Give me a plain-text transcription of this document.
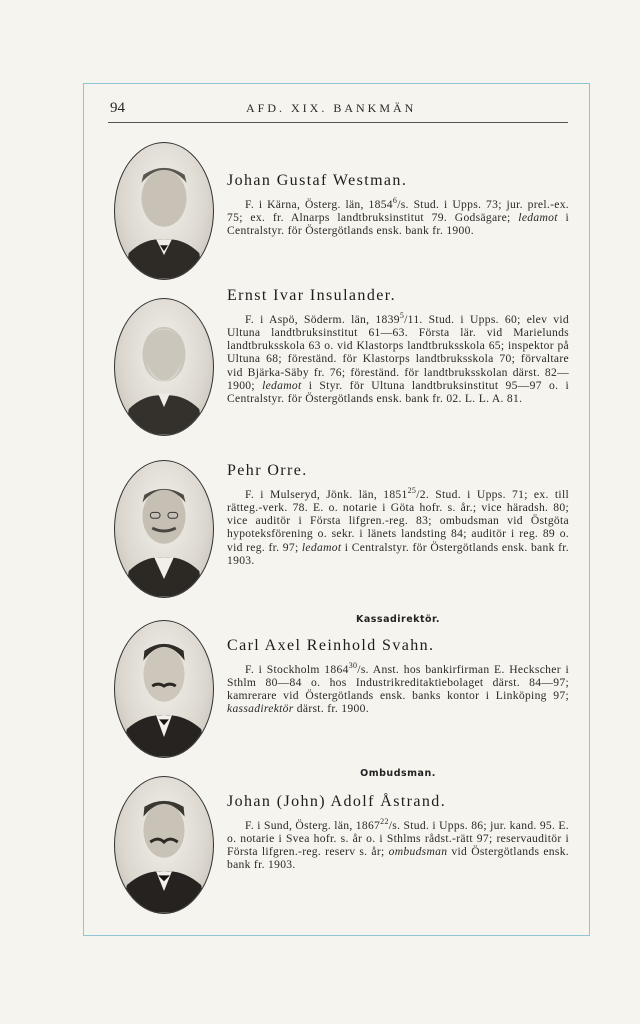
94	AFD. XIX. BANKMÄN
Johan Gustaf Westman.
F. i Kärna, Österg. län, 1854$^6$/s. Stud. i Upps. 73; jur. prel.-ex. 75; ex. fr. Alnarps landtbruksinstitut 79. Godsägare; ledamot i Centralstyr. för Östergötlands ensk. bank fr. 1900.
Ernst Ivar Insulander.
F. i Aspö, Söderm. län, 1839$^5$/11. Stud. i Upps. 60; elev vid Ultuna landtbruksinstitut 61—63. Första lär. vid Marielunds landtbruksskola 63 o. vid Klastorps landtbruksskola 65; inspektor på Ultuna 68; föreständ. för Klastorps landtbruksskola 70; förvaltare vid Bjärka-Säby fr. 76; föreständ. för landtbruksskolan därst. 82—1900; ledamot i Styr. för Ultuna landtbruksinstitut 95—97 o. i Centralstyr. för Östergötlands ensk. bank fr. 02. L. L. A. 81.
Pehr Orre.
F. i Mulseryd, Jönk. län, 1851$^{25}$/2. Stud. i Upps. 71; ex. till rätteg.-verk. 78. E. o. notarie i Göta hofr. s. år.; vice häradsh. 80; vice auditör i Första lifgren.-reg. 83; ombudsman vid Östgöta hypoteksförening o. sekr. i länets landsting 84; auditör i reg. 89 o. vid reg. fr. 97; ledamot i Centralstyr. för Östergötlands ensk. bank fr. 1903.
Kassadirektör.
Carl Axel Reinhold Svahn.
F. i Stockholm 1864$^{30}$/s. Anst. hos bankirfirman E. Heckscher i Sthlm 80—84 o. hos Industrikreditaktiebolaget därst. 84—97; kamrerare vid Östergötlands ensk. banks kontor i Linköping 97; kassadirektör därst. fr. 1900.
Ombudsman.
Johan (John) Adolf Åstrand.
F. i Sund, Österg. län, 1867$^{22}$/s. Stud. i Upps. 86; jur. kand. 95. E. o. notarie i Svea hofr. s. år o. i Sthlms rådst.-rätt 97; reservauditör i Första lifgren.-reg. reserv s. år; ombudsman vid Östergötlands ensk. bank fr. 1903.
